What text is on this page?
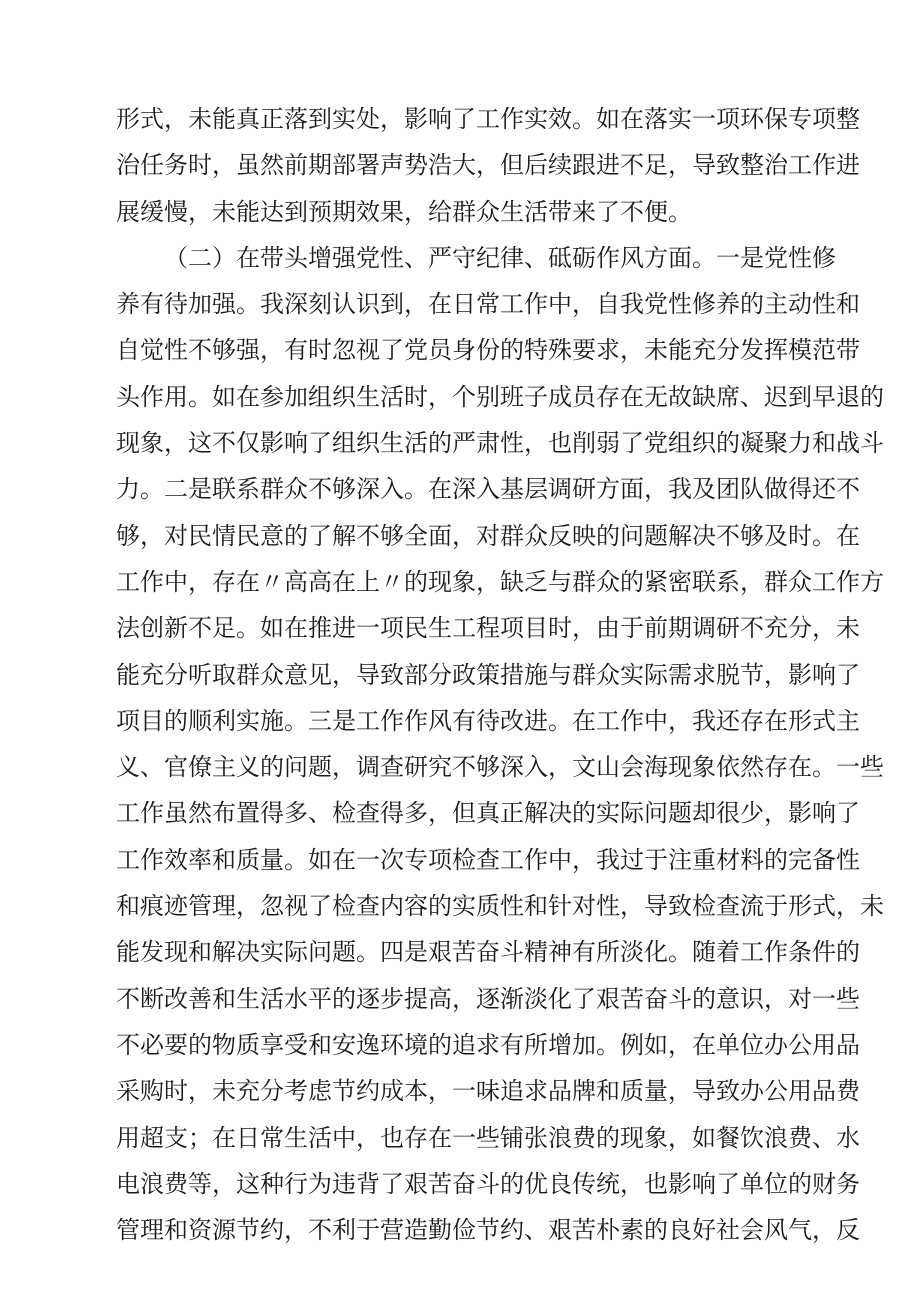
形式，未能真正落到实处，影响了工作实效。如在落实一项环保专项整
治任务时，虽然前期部署声势浩大，但后续跟进不足，导致整治工作进
展缓慢，未能达到预期效果，给群众生活带来了不便。
（二）在带头增强党性、严守纪律、砥砺作风方面。一是党性修
养有待加强。我深刻认识到，在日常工作中，自我党性修养的主动性和
自觉性不够强，有时忽视了党员身份的特殊要求，未能充分发挥模范带
头作用。如在参加组织生活时，个别班子成员存在无故缺席、迟到早退的
现象，这不仅影响了组织生活的严肃性，也削弱了党组织的凝聚力和战斗
力。二是联系群众不够深入。在深入基层调研方面，我及团队做得还不
够，对民情民意的了解不够全面，对群众反映的问题解决不够及时。在
工作中，存在〃高高在上〃的现象，缺乏与群众的紧密联系，群众工作方
法创新不足。如在推进一项民生工程项目时，由于前期调研不充分，未
能充分听取群众意见，导致部分政策措施与群众实际需求脱节，影响了
项目的顺利实施。三是工作作风有待改进。在工作中，我还存在形式主
义、官僚主义的问题，调查研究不够深入，文山会海现象依然存在。一些
工作虽然布置得多、检查得多，但真正解决的实际问题却很少，影响了
工作效率和质量。如在一次专项检查工作中，我过于注重材料的完备性
和痕迹管理，忽视了检查内容的实质性和针对性，导致检查流于形式，未
能发现和解决实际问题。四是艰苦奋斗精神有所淡化。随着工作条件的
不断改善和生活水平的逐步提高，逐渐淡化了艰苦奋斗的意识，对一些
不必要的物质享受和安逸环境的追求有所增加。例如，在单位办公用品
采购时，未充分考虑节约成本，一味追求品牌和质量，导致办公用品费
用超支；在日常生活中，也存在一些铺张浪费的现象，如餐饮浪费、水
电浪费等，这种行为违背了艰苦奋斗的优良传统，也影响了单位的财务
管理和资源节约，不利于营造勤俭节约、艰苦朴素的良好社会风气，反
